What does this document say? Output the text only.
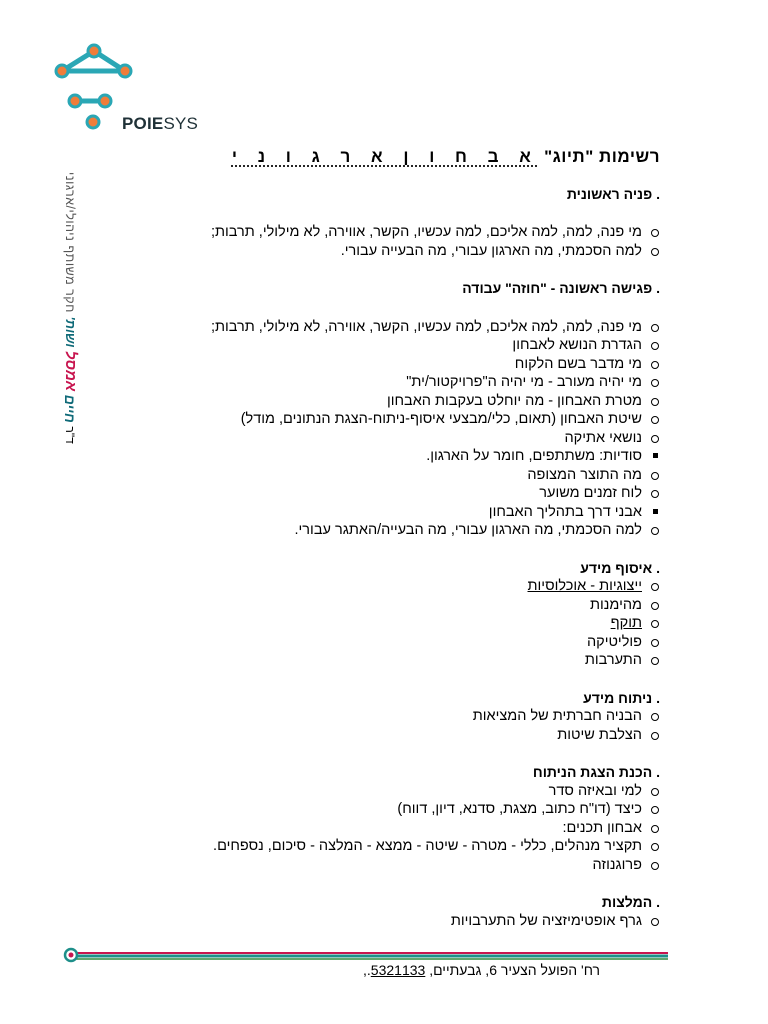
POIESYS
ד"ר חיים אמסל ושות' חקר משותף ניהולי/ארגוני
רשימות "תיוג" א ב ח ו ן א ר ג ו נ י
. פניה ראשונית
מי פנה, למה, למה אליכם, למה עכשיו, הקשר, אווירה, לא מילולי, תרבות;
למה הסכמתי, מה הארגון עבורי, מה הבעייה עבורי.
. פגישה ראשונה - "חוזה" עבודה
מי פנה, למה, למה אליכם, למה עכשיו, הקשר, אווירה, לא מילולי, תרבות;
הגדרת הנושא לאבחון
מי מדבר בשם הלקוח
מי יהיה מעורב - מי יהיה ה"פרויקטור/ית"
מטרת האבחון - מה יוחלט בעקבות האבחון
שיטת האבחון (תאום, כלי/מבצעי איסוף-ניתוח-הצגת הנתונים, מודל)
נושאי אתיקה
סודיות: משתתפים, חומר על הארגון.
מה התוצר המצופה
לוח זמנים משוער
אבני דרך בתהליך האבחון
למה הסכמתי, מה הארגון עבורי, מה הבעייה/האתגר עבורי.
. איסוף מידע
ייצוגיות - אוכלוסיות
מהימנות
תוקף
פוליטיקה
התערבות
. ניתוח מידע
הבניה חברתית של המציאות
הצלבת שיטות
. הכנת הצגת הניתוח
למי ובאיזה סדר
כיצד (דו"ח כתוב, מצגת, סדנא, דיון, דווח)
אבחון תכנים:
תקציר מנהלים, כללי - מטרה - שיטה - ממצא - המלצה - סיכום, נספחים.
פרוגנוזה
. המלצות
גרף אופטימיזציה של התערבויות
רח' הפועל הצעיר 6, גבעתיים, 5321133.,
